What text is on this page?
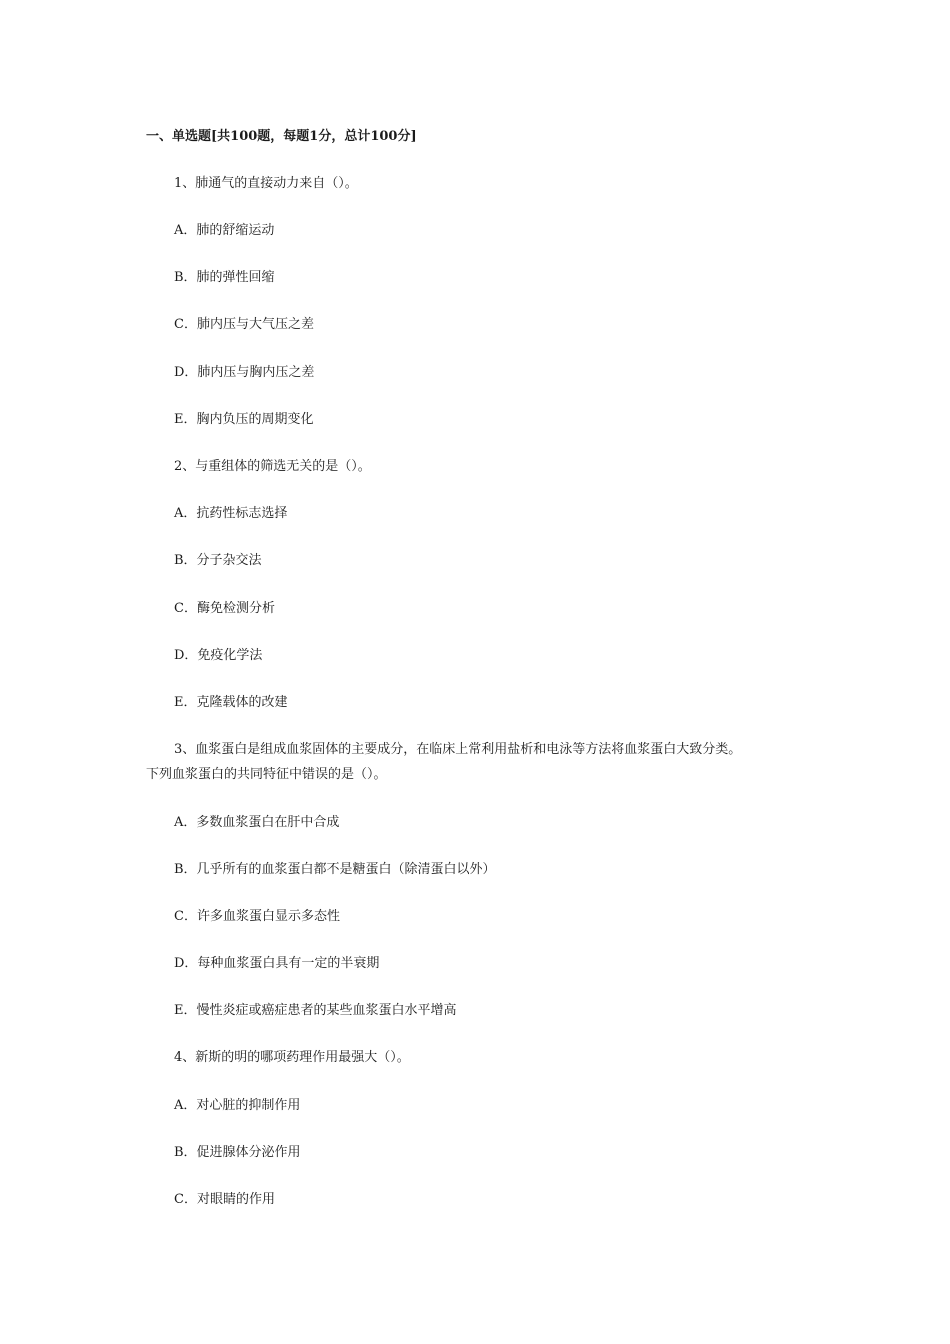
一、单选题[共100题，每题1分，总计100分]
1、肺通气的直接动力来自（）。
A．肺的舒缩运动
B．肺的弹性回缩
C．肺内压与大气压之差
D．肺内压与胸内压之差
E．胸内负压的周期变化
2、与重组体的筛选无关的是（）。
A．抗药性标志选择
B．分子杂交法
C．酶免检测分析
D．免疫化学法
E．克隆载体的改建
3、血浆蛋白是组成血浆固体的主要成分，在临床上常利用盐析和电泳等方法将血浆蛋白大致分类。
下列血浆蛋白的共同特征中错误的是（）。
A．多数血浆蛋白在肝中合成
B．几乎所有的血浆蛋白都不是糖蛋白（除清蛋白以外）
C．许多血浆蛋白显示多态性
D．每种血浆蛋白具有一定的半衰期
E．慢性炎症或癌症患者的某些血浆蛋白水平增高
4、新斯的明的哪项药理作用最强大（）。
A．对心脏的抑制作用
B．促进腺体分泌作用
C．对眼睛的作用
